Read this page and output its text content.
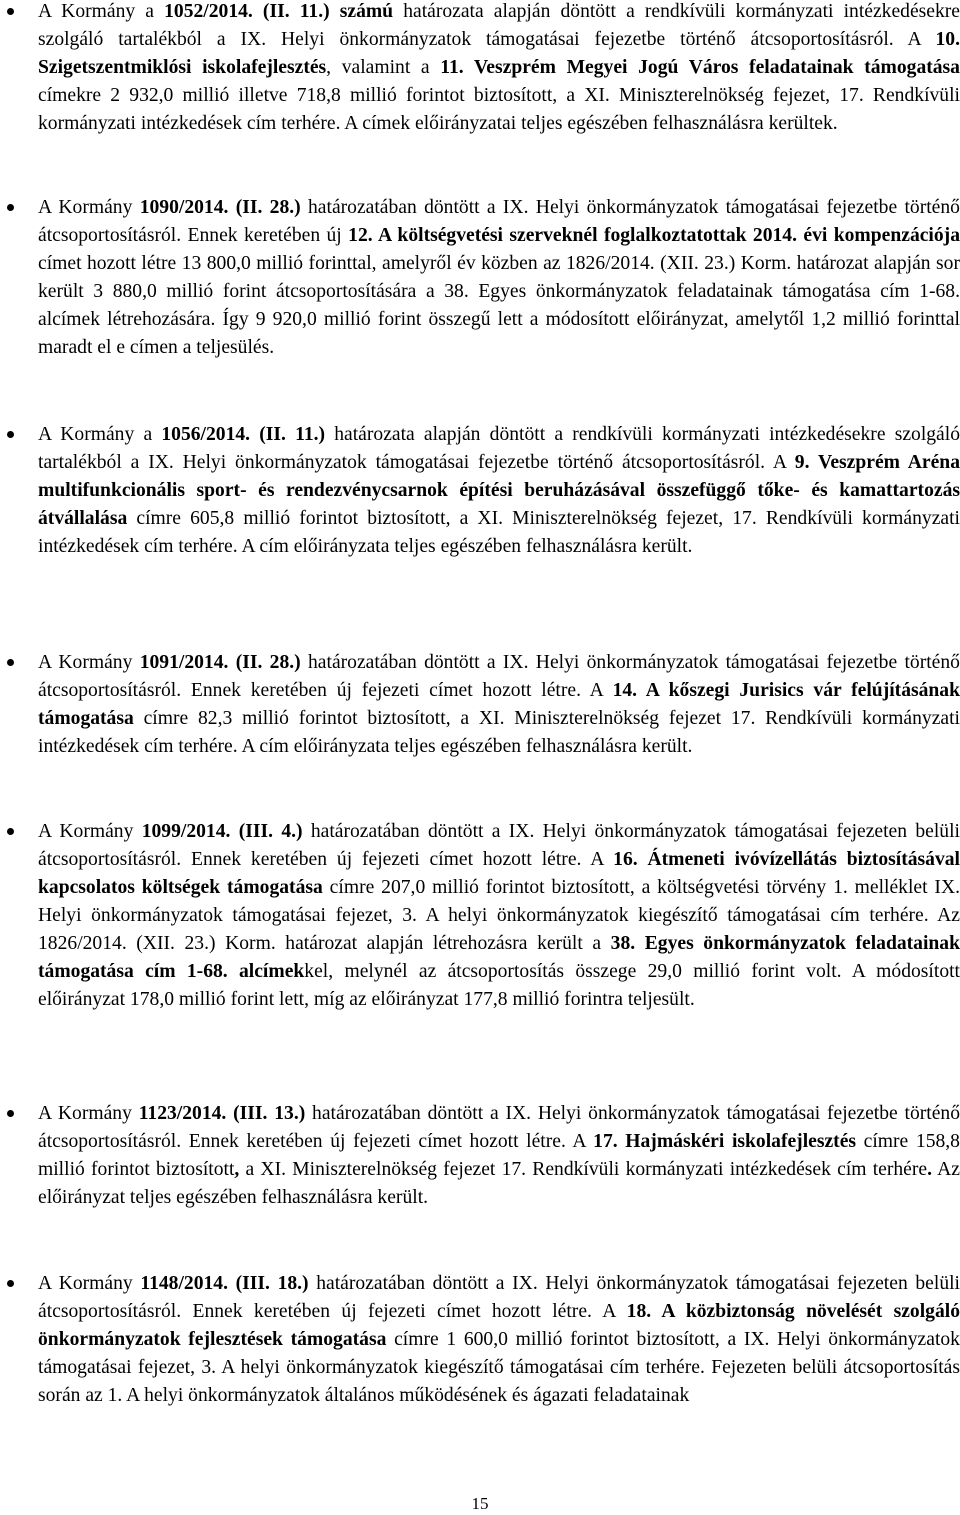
A Kormány a 1052/2014. (II. 11.) számú határozata alapján döntött a rendkívüli kormányzati intézkedésekre szolgáló tartalékból a IX. Helyi önkormányzatok támogatásai fejezetbe történő átcsoportosításról. A 10. Szigetszentmiklósi iskolafejlesztés, valamint a 11. Veszprém Megyei Jogú Város feladatainak támogatása címekre 2 932,0 millió illetve 718,8 millió forintot biztosított, a XI. Miniszterelnökség fejezet, 17. Rendkívüli kormányzati intézkedések cím terhére. A címek előirányzatai teljes egészében felhasználásra kerültek.

A Kormány 1090/2014. (II. 28.) határozatában döntött a IX. Helyi önkormányzatok támogatásai fejezetbe történő átcsoportosításról. Ennek keretében új 12. A költségvetési szerveknél foglalkoztatottak 2014. évi kompenzációja címet hozott létre 13 800,0 millió forinttal, amelyről év közben az 1826/2014. (XII. 23.) Korm. határozat alapján sor került 3 880,0 millió forint átcsoportosítására a 38. Egyes önkormányzatok feladatainak támogatása cím 1-68. alcímek létrehozására. Így 9 920,0 millió forint összegű lett a módosított előirányzat, amelytől 1,2 millió forinttal maradt el e címen a teljesülés.

A Kormány a 1056/2014. (II. 11.) határozata alapján döntött a rendkívüli kormányzati intézkedésekre szolgáló tartalékból a IX. Helyi önkormányzatok támogatásai fejezetbe történő átcsoportosításról. A 9. Veszprém Aréna multifunkcionális sport- és rendezvénycsarnok építési beruházásával összefüggő tőke- és kamattartozás átvállalása címre 605,8 millió forintot biztosított, a XI. Miniszterelnökség fejezet, 17. Rendkívüli kormányzati intézkedések cím terhére. A cím előirányzata teljes egészében felhasználásra került.

A Kormány 1091/2014. (II. 28.) határozatában döntött a IX. Helyi önkormányzatok támogatásai fejezetbe történő átcsoportosításról. Ennek keretében új fejezeti címet hozott létre. A 14. A kőszegi Jurisics vár felújításának támogatása címre 82,3 millió forintot biztosított, a XI. Miniszterelnökség fejezet 17. Rendkívüli kormányzati intézkedések cím terhére. A cím előirányzata teljes egészében felhasználásra került.

A Kormány 1099/2014. (III. 4.) határozatában döntött a IX. Helyi önkormányzatok támogatásai fejezeten belüli átcsoportosításról. Ennek keretében új fejezeti címet hozott létre. A 16. Átmeneti ivóvízellátás biztosításával kapcsolatos költségek támogatása címre 207,0 millió forintot biztosított, a költségvetési törvény 1. melléklet IX. Helyi önkormányzatok támogatásai fejezet, 3. A helyi önkormányzatok kiegészítő támogatásai cím terhére. Az 1826/2014. (XII. 23.) Korm. határozat alapján létrehozásra került a 38. Egyes önkormányzatok feladatainak támogatása cím 1-68. alcímekkel, melynél az átcsoportosítás összege 29,0 millió forint volt. A módosított előirányzat 178,0 millió forint lett, míg az előirányzat 177,8 millió forintra teljesült.

A Kormány 1123/2014. (III. 13.) határozatában döntött a IX. Helyi önkormányzatok támogatásai fejezetbe történő átcsoportosításról. Ennek keretében új fejezeti címet hozott létre. A 17. Hajmáskéri iskolafejlesztés címre 158,8 millió forintot biztosított, a XI. Miniszterelnökség fejezet 17. Rendkívüli kormányzati intézkedések cím terhére. Az előirányzat teljes egészében felhasználásra került.

A Kormány 1148/2014. (III. 18.) határozatában döntött a IX. Helyi önkormányzatok támogatásai fejezeten belüli átcsoportosításról. Ennek keretében új fejezeti címet hozott létre. A 18. A közbiztonság növelését szolgáló önkormányzatok fejlesztések támogatása címre 1 600,0 millió forintot biztosított, a IX. Helyi önkormányzatok támogatásai fejezet, 3. A helyi önkormányzatok kiegészítő támogatásai cím terhére. Fejezeten belüli átcsoportosítás során az 1. A helyi önkormányzatok általános működésének és ágazati feladatainak

15
